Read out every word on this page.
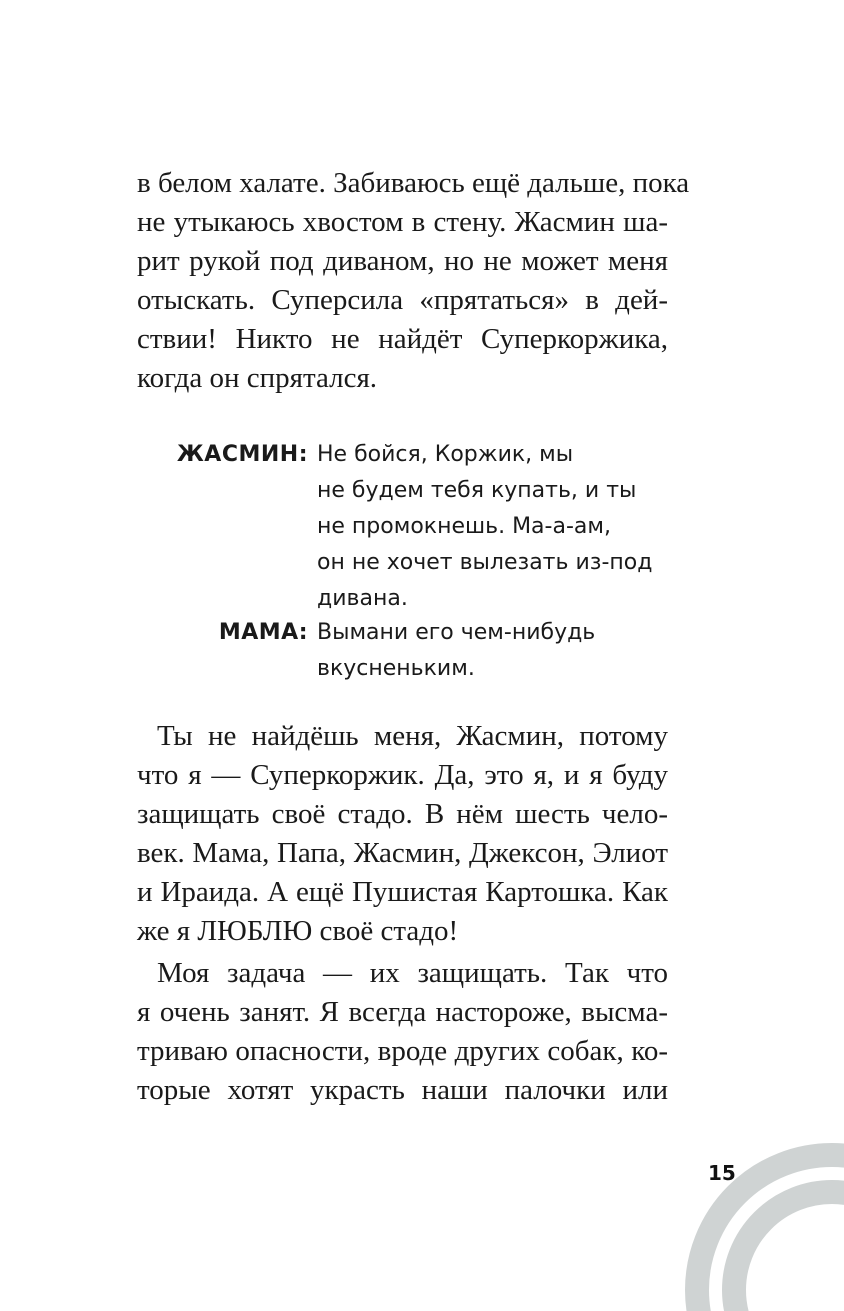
в белом халате. Забиваюсь ещё дальше, пока
не утыкаюсь хвостом в стену. Жасмин ша-
рит рукой под диваном, но не может меня
отыскать. Суперсила «прятаться» в дей-
ствии! Никто не найдёт Суперкоржика,
когда он спрятался.
ЖАСМИН: Не бойся, Коржик, мы
не будем тебя купать, и ты
не промокнешь. Ма-а-ам,
он не хочет вылезать из-под
дивана.
МАМА: Вымани его чем-нибудь
вкусненьким.
Ты не найдёшь меня, Жасмин, потому
что я — Суперкоржик. Да, это я, и я буду
защищать своё стадо. В нём шесть чело-
век. Мама, Папа, Жасмин, Джексон, Элиот
и Ираида. А ещё Пушистая Картошка. Как
же я ЛЮБЛЮ своё стадо!
Моя задача — их защищать. Так что
я очень занят. Я всегда настороже, высма-
триваю опасности, вроде других собак, ко-
торые хотят украсть наши палочки или
15
